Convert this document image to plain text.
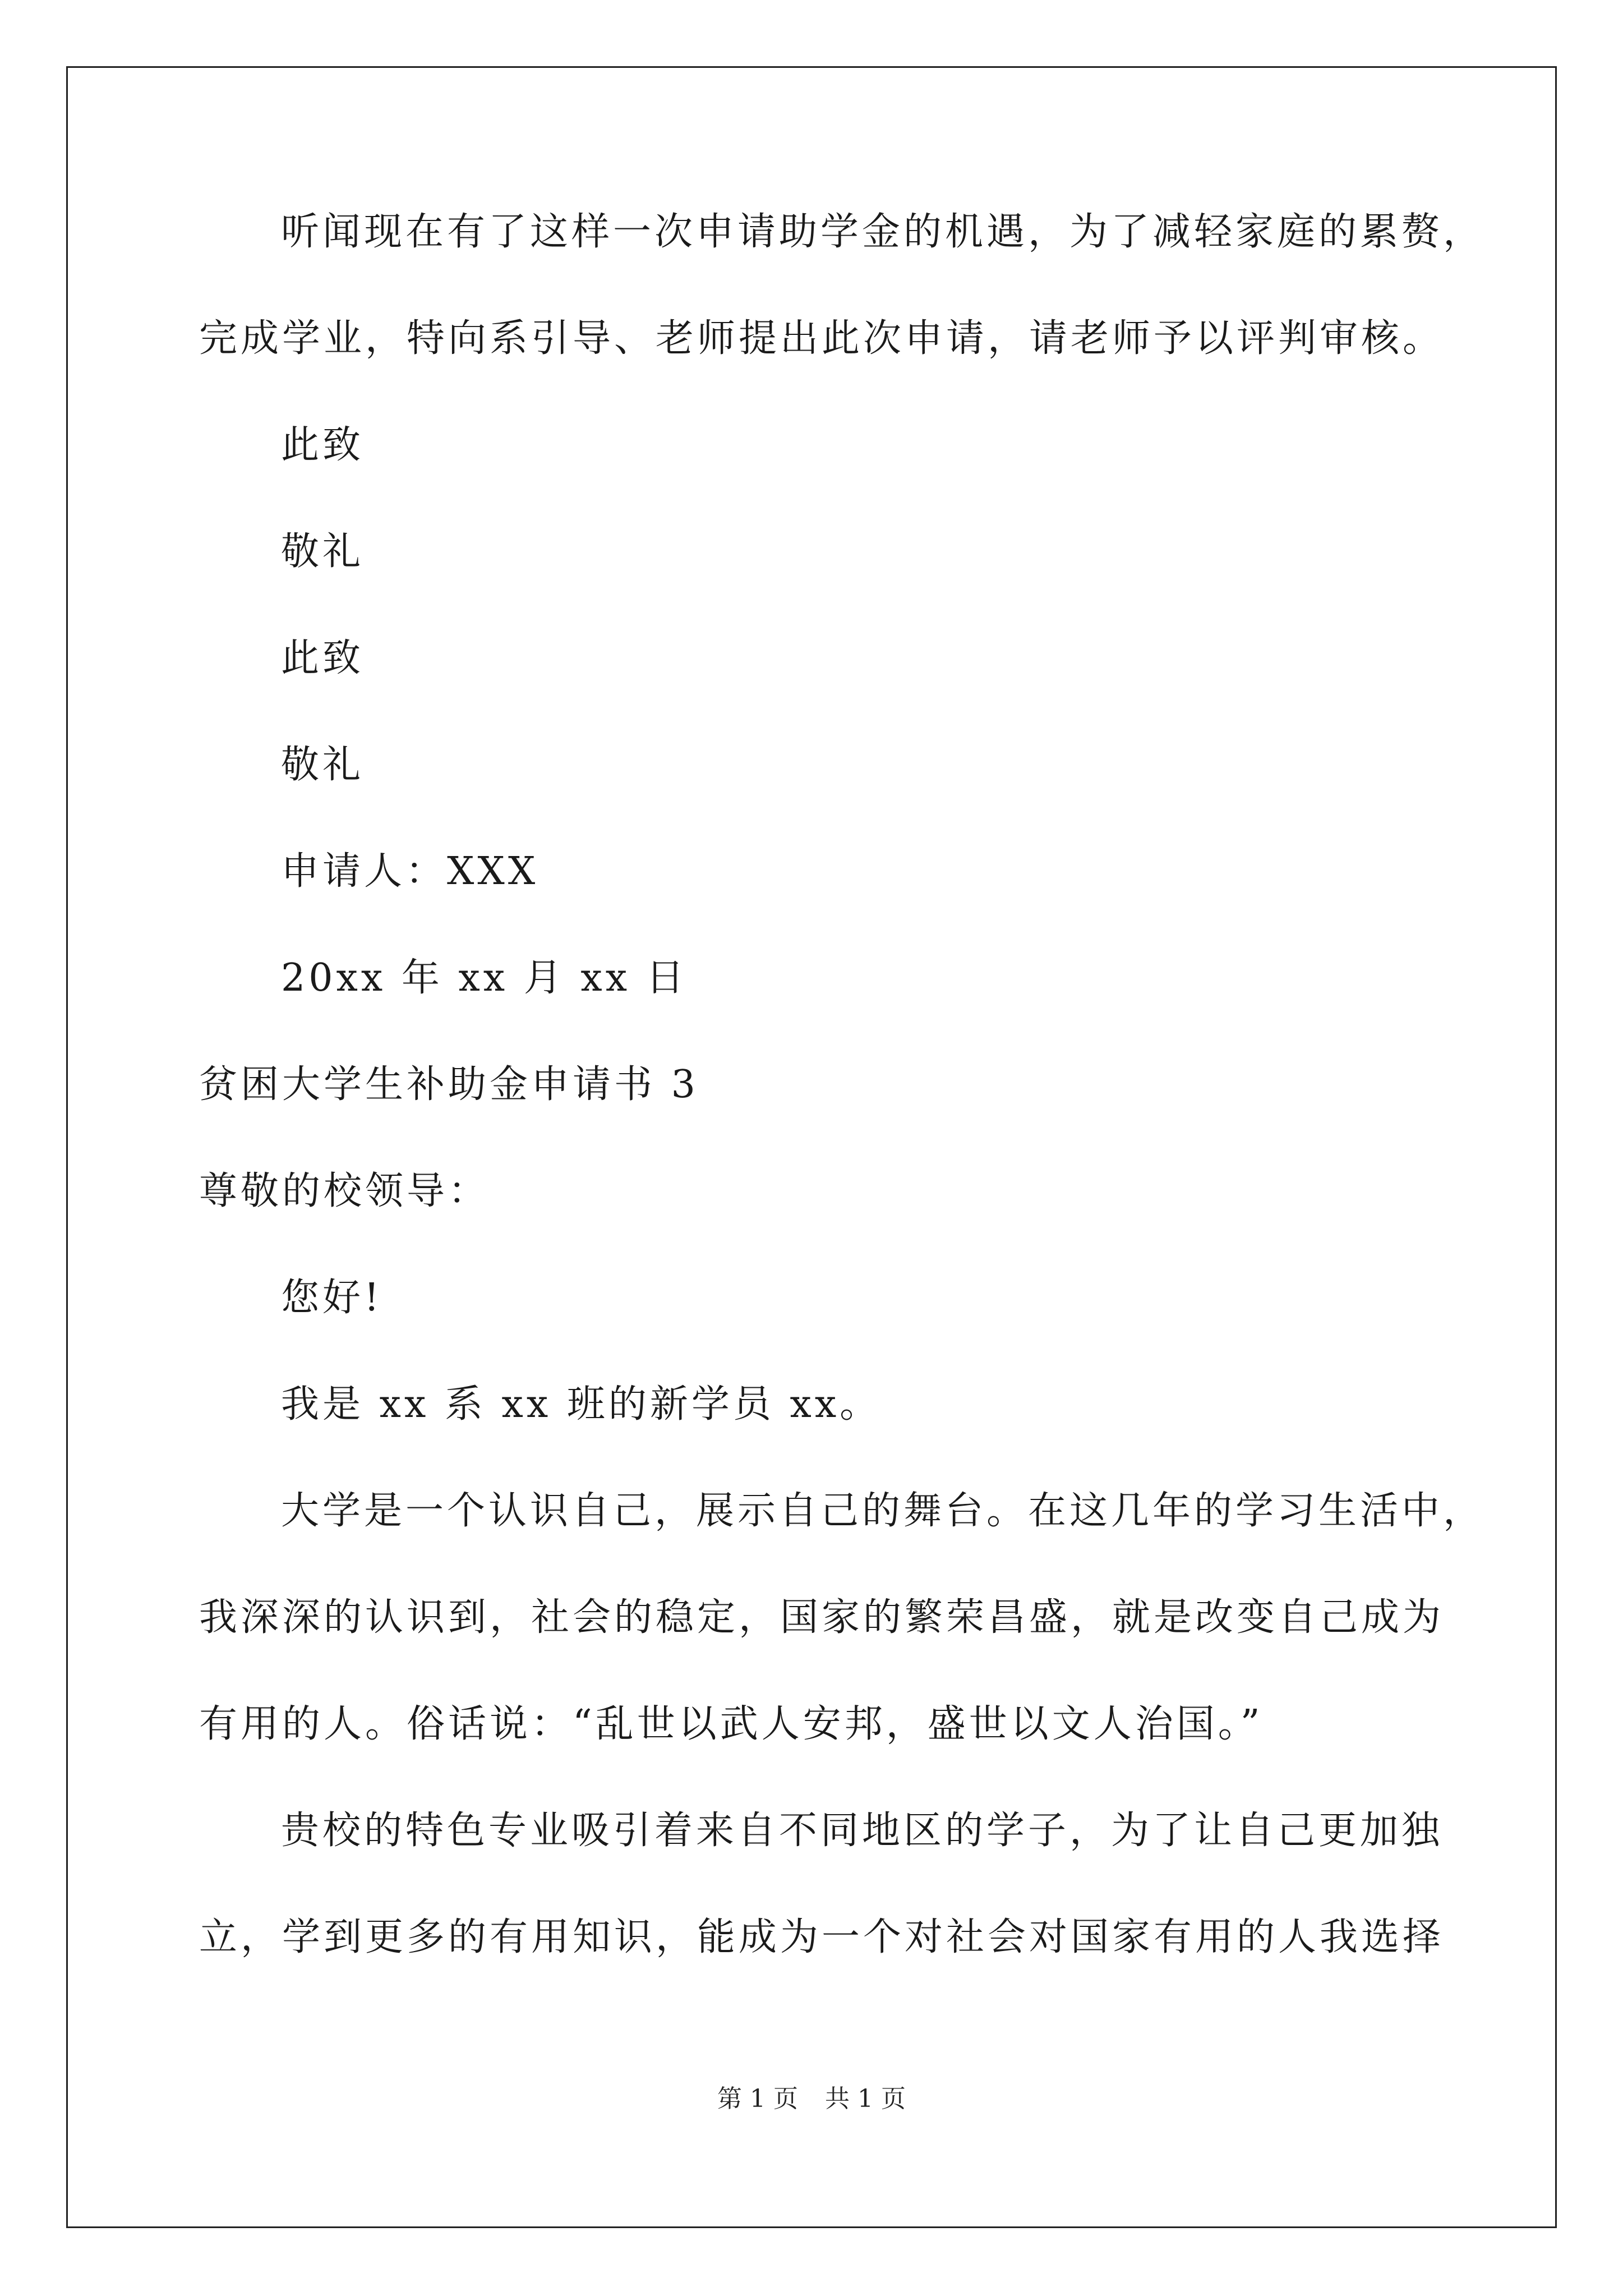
听闻现在有了这样一次申请助学金的机遇，为了减轻家庭的累赘，
完成学业，特向系引导、老师提出此次申请，请老师予以评判审核。
此致
敬礼
此致
敬礼
申请人：XXX
20xx 年 xx 月 xx 日
贫困大学生补助金申请书 3
尊敬的校领导：
您好!
我是 xx 系 xx 班的新学员 xx。
大学是一个认识自己，展示自己的舞台。在这几年的学习生活中，
我深深的认识到，社会的稳定，国家的繁荣昌盛，就是改变自己成为
有用的人。俗话说：“乱世以武人安邦，盛世以文人治国。”
贵校的特色专业吸引着来自不同地区的学子，为了让自己更加独
立，学到更多的有用知识，能成为一个对社会对国家有用的人我选择
第 1 页 共 1 页
